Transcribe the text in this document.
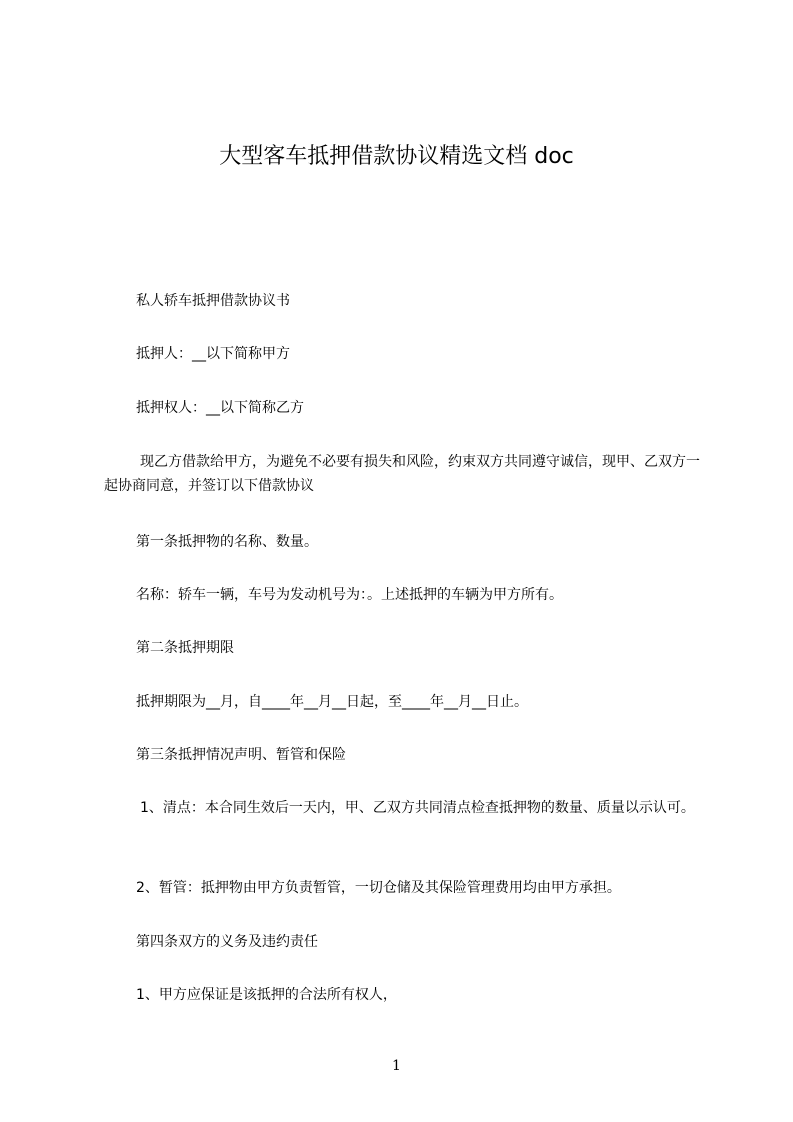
大型客车抵押借款协议精选文档 doc

私人轿车抵押借款协议书

抵押人：__以下简称甲方

抵押权人：__以下简称乙方

现乙方借款给甲方，为避免不必要有损失和风险，约束双方共同遵守诚信，现甲、乙双方一起协商同意，并签订以下借款协议

第一条抵押物的名称、数量。

名称：轿车一辆，车号为发动机号为：。上述抵押的车辆为甲方所有。

第二条抵押期限

抵押期限为__月，自____年__月__日起，至____年__月__日止。

第三条抵押情况声明、暂管和保险

1、清点：本合同生效后一天内，甲、乙双方共同清点检查抵押物的数量、质量以示认可。

2、暂管：抵押物由甲方负责暂管，一切仓储及其保险管理费用均由甲方承担。

第四条双方的义务及违约责任

1、甲方应保证是该抵押的合法所有权人，

1
